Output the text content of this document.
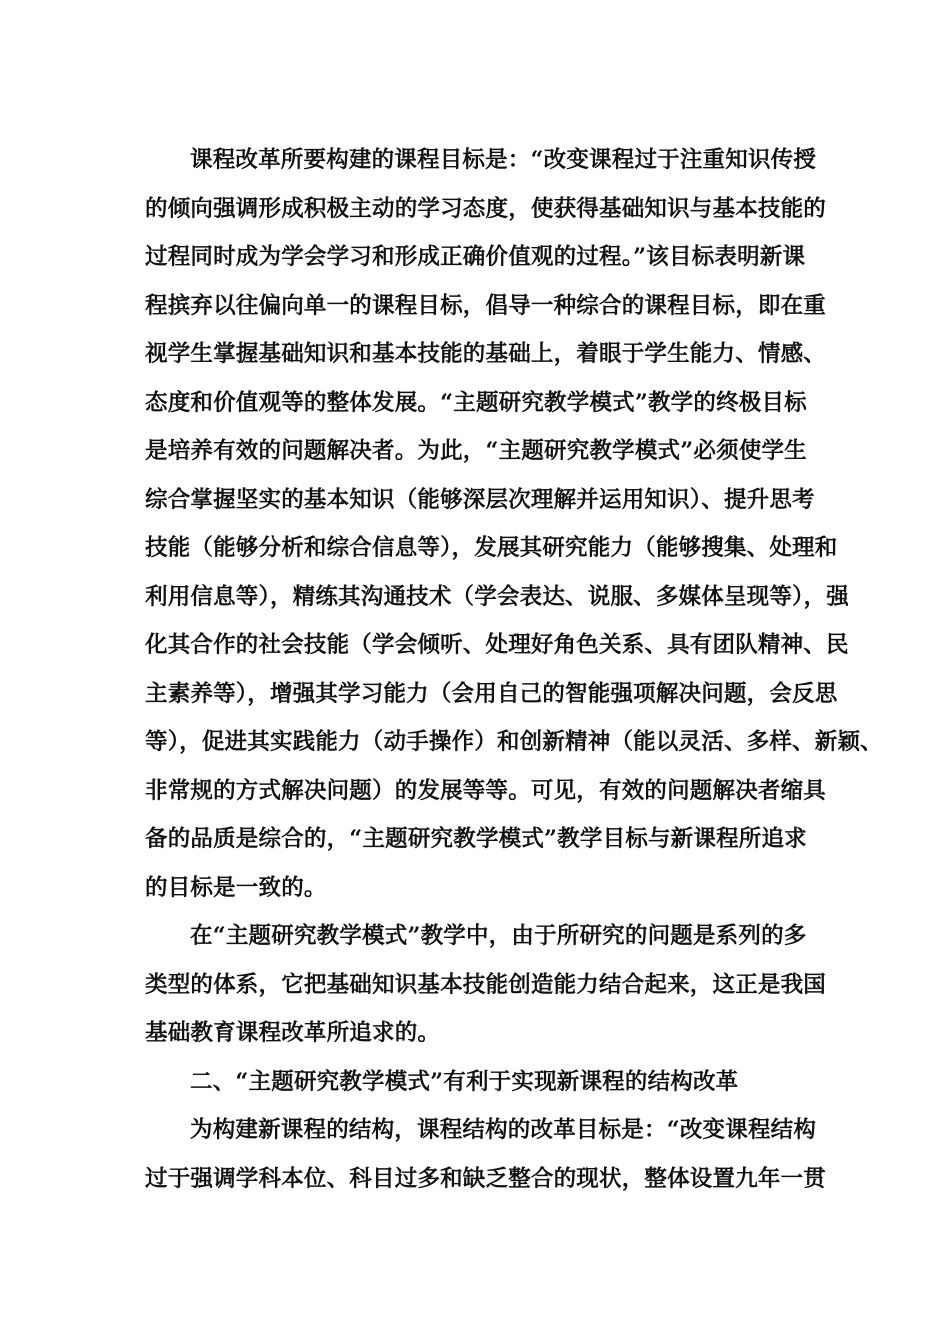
课程改革所要构建的课程目标是：“改变课程过于注重知识传授
的倾向强调形成积极主动的学习态度，使获得基础知识与基本技能的
过程同时成为学会学习和形成正确价值观的过程。”该目标表明新课
程摈弃以往偏向单一的课程目标，倡导一种综合的课程目标，即在重
视学生掌握基础知识和基本技能的基础上，着眼于学生能力、情感、
态度和价值观等的整体发展。“主题研究教学模式”教学的终极目标
是培养有效的问题解决者。为此，“主题研究教学模式”必须使学生
综合掌握坚实的基本知识（能够深层次理解并运用知识）、提升思考
技能（能够分析和综合信息等），发展其研究能力（能够搜集、处理和
利用信息等），精练其沟通技术（学会表达、说服、多媒体呈现等），强
化其合作的社会技能（学会倾听、处理好角色关系、具有团队精神、民
主素养等），增强其学习能力（会用自己的智能强项解决问题，会反思
等），促进其实践能力（动手操作）和创新精神（能以灵活、多样、新颖、
非常规的方式解决问题）的发展等等。可见，有效的问题解决者缩具
备的品质是综合的，“主题研究教学模式”教学目标与新课程所追求
的目标是一致的。
在“主题研究教学模式”教学中，由于所研究的问题是系列的多
类型的体系，它把基础知识基本技能创造能力结合起来，这正是我国
基础教育课程改革所追求的。
二、“主题研究教学模式”有利于实现新课程的结构改革
为构建新课程的结构，课程结构的改革目标是：“改变课程结构
过于强调学科本位、科目过多和缺乏整合的现状，整体设置九年一贯
